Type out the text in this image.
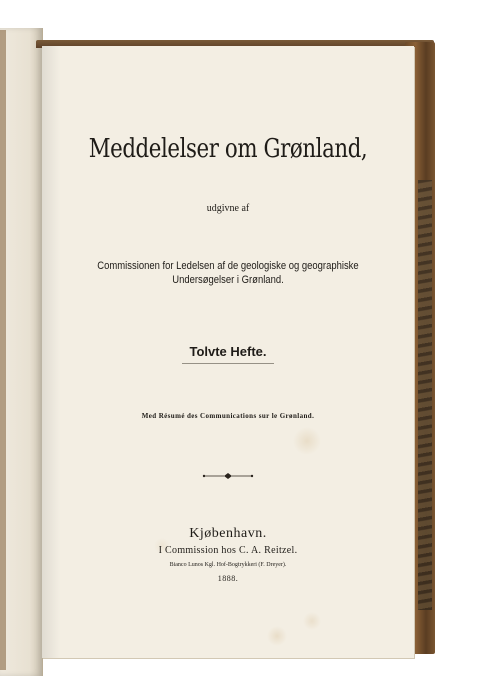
Meddelelser om Grønland,
udgivne af
Commissionen for Ledelsen af de geologiske og geographiske
Undersøgelser i Grønland.
Tolvte Hefte.
Med Résumé des Communications sur le Grønland.
Kjøbenhavn.
I Commission hos C. A. Reitzel.
Bianco Lunos Kgl. Hof-Bogtrykkeri (F. Dreyer).
1888.
